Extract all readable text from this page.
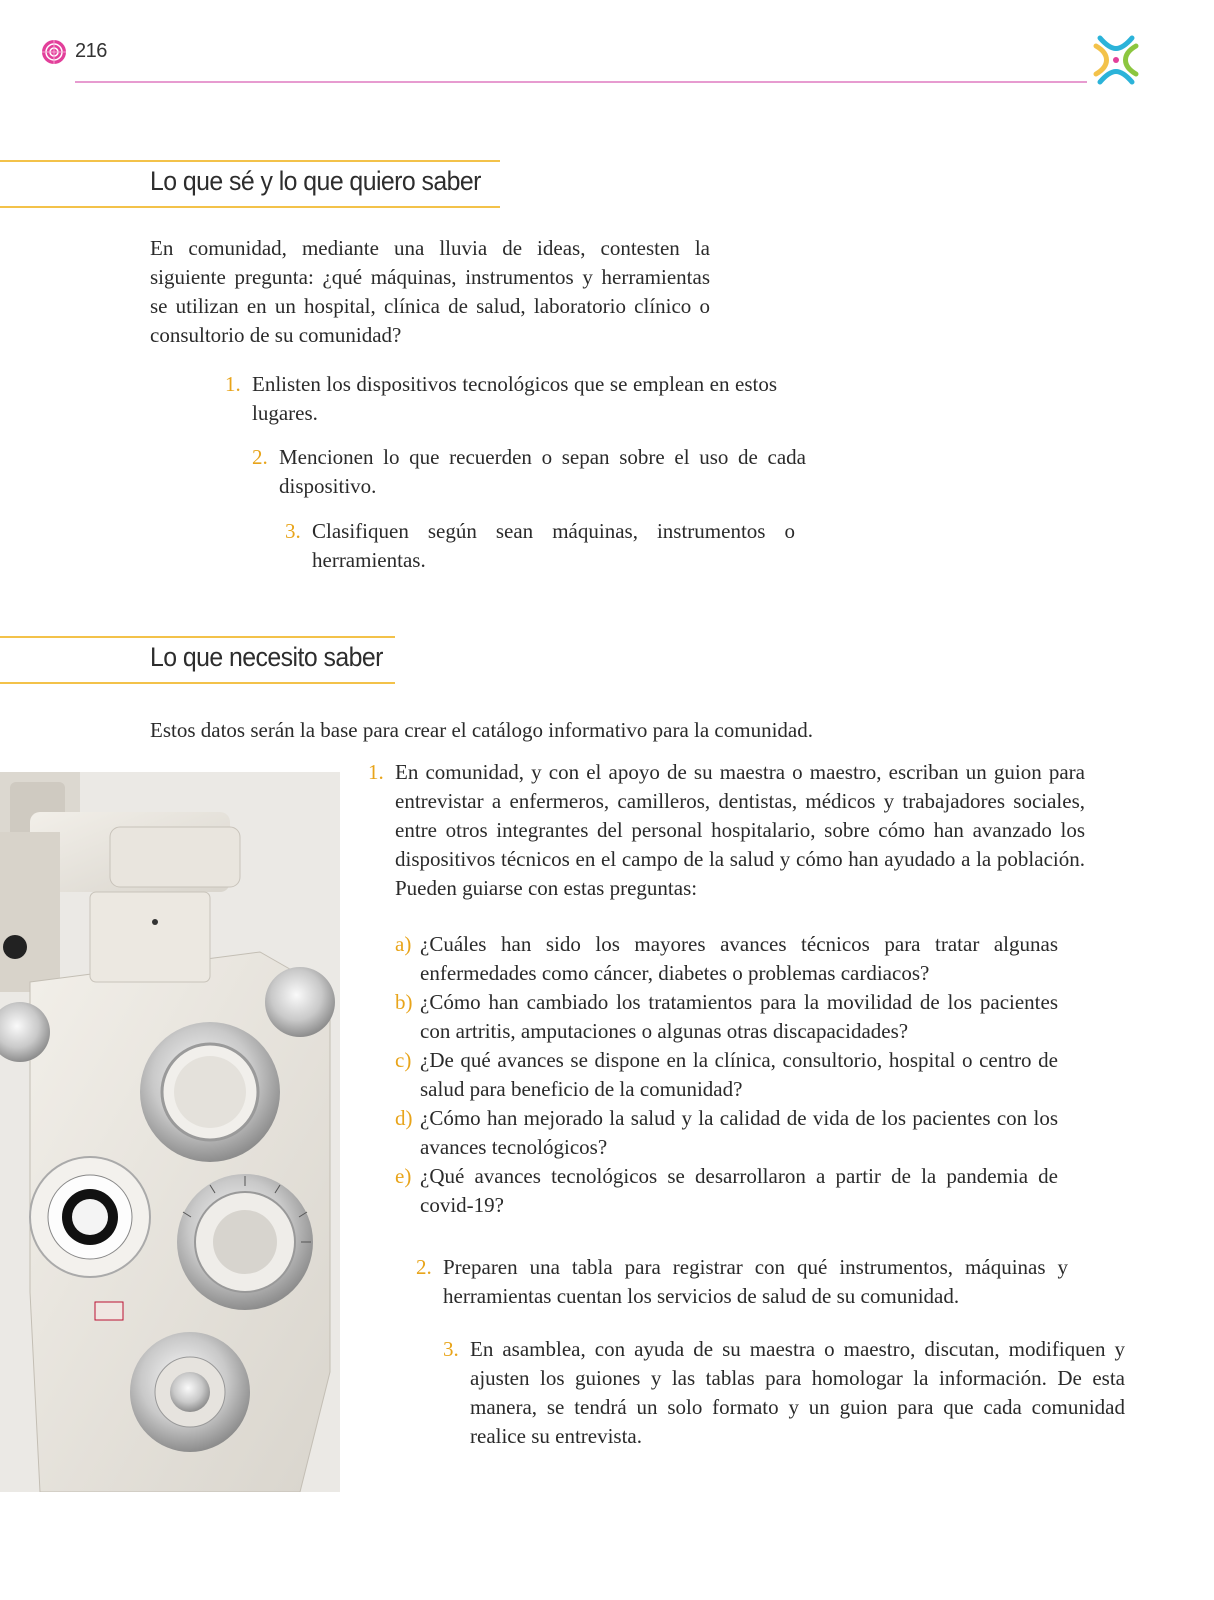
216
Lo que sé y lo que quiero saber
En comunidad, mediante una lluvia de ideas, contesten la siguiente pregunta: ¿qué máquinas, instrumentos y herramientas se utilizan en un hospital, clínica de salud, laboratorio clínico o consultorio de su comunidad?
1. Enlisten los dispositivos tecnológicos que se emplean en estos lugares.
2. Mencionen lo que recuerden o sepan sobre el uso de cada dispositivo.
3. Clasifiquen según sean máquinas, instrumentos o herramientas.
Lo que necesito saber
Estos datos serán la base para crear el catálogo informativo para la comunidad.
1. En comunidad, y con el apoyo de su maestra o maestro, escriban un guion para entrevistar a enfermeros, camilleros, dentistas, médicos y trabajadores sociales, entre otros integrantes del personal hospitalario, sobre cómo han avanzado los dispositivos técnicos en el campo de la salud y cómo han ayudado a la población. Pueden guiarse con estas preguntas:
a) ¿Cuáles han sido los mayores avances técnicos para tratar algunas enfermedades como cáncer, diabetes o problemas cardiacos?
b) ¿Cómo han cambiado los tratamientos para la movilidad de los pacientes con artritis, amputaciones o algunas otras discapacidades?
c) ¿De qué avances se dispone en la clínica, consultorio, hospital o centro de salud para beneficio de la comunidad?
d) ¿Cómo han mejorado la salud y la calidad de vida de los pacientes con los avances tecnológicos?
e) ¿Qué avances tecnológicos se desarrollaron a partir de la pandemia de covid-19?
2. Preparen una tabla para registrar con qué instrumentos, máquinas y herramientas cuentan los servicios de salud de su comunidad.
3. En asamblea, con ayuda de su maestra o maestro, discutan, modifiquen y ajusten los guiones y las tablas para homologar la información. De esta manera, se tendrá un solo formato y un guion para que cada comunidad realice su entrevista.
